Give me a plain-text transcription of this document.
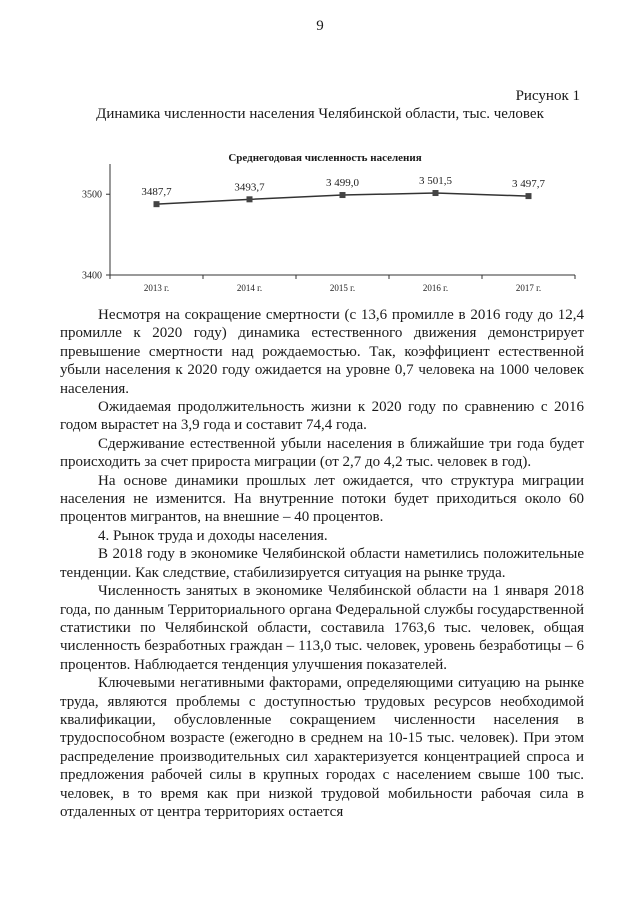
9
Рисунок 1
Динамика численности населения Челябинской области, тыс. человек
Среднегодовая численность населения
3500
3400
2013 г.	2014 г.	2015 г.	2016 г.	2017 г.
3487,7	3493,7	3 499,0	3 501,5	3 497,7

Несмотря на сокращение смертности (с 13,6 промилле в 2016 году до 12,4 промилле к 2020 году) динамика естественного движения демонстрирует превышение смертности над рождаемостью. Так, коэффициент естественной убыли населения к 2020 году ожидается на уровне 0,7 человека на 1000 человек населения.

Ожидаемая продолжительность жизни к 2020 году по сравнению с 2016 годом вырастет на 3,9 года и составит 74,4 года.

Сдерживание естественной убыли населения в ближайшие три года будет происходить за счет прироста миграции (от 2,7 до 4,2 тыс. человек в год).

На основе динамики прошлых лет ожидается, что структура миграции населения не изменится. На внутренние потоки будет приходиться около 60 процентов мигрантов, на внешние – 40 процентов.

4. Рынок труда и доходы населения.

В 2018 году в экономике Челябинской области наметились положительные тенденции. Как следствие, стабилизируется ситуация на рынке труда.

Численность занятых в экономике Челябинской области на 1 января 2018 года, по данным Территориального органа Федеральной службы государственной статистики по Челябинской области, составила 1763,6 тыс. человек, общая численность безработных граждан – 113,0 тыс. человек, уровень безработицы – 6 процентов. Наблюдается тенденция улучшения показателей.

Ключевыми негативными факторами, определяющими ситуацию на рынке труда, являются проблемы с доступностью трудовых ресурсов необходимой квалификации, обусловленные сокращением численности населения в трудоспособном возрасте (ежегодно в среднем на 10-15 тыс. человек). При этом распределение производительных сил характеризуется концентрацией спроса и предложения рабочей силы в крупных городах с населением свыше 100 тыс. человек, в то время как при низкой трудовой мобильности рабочая сила в отдаленных от центра территориях остается
